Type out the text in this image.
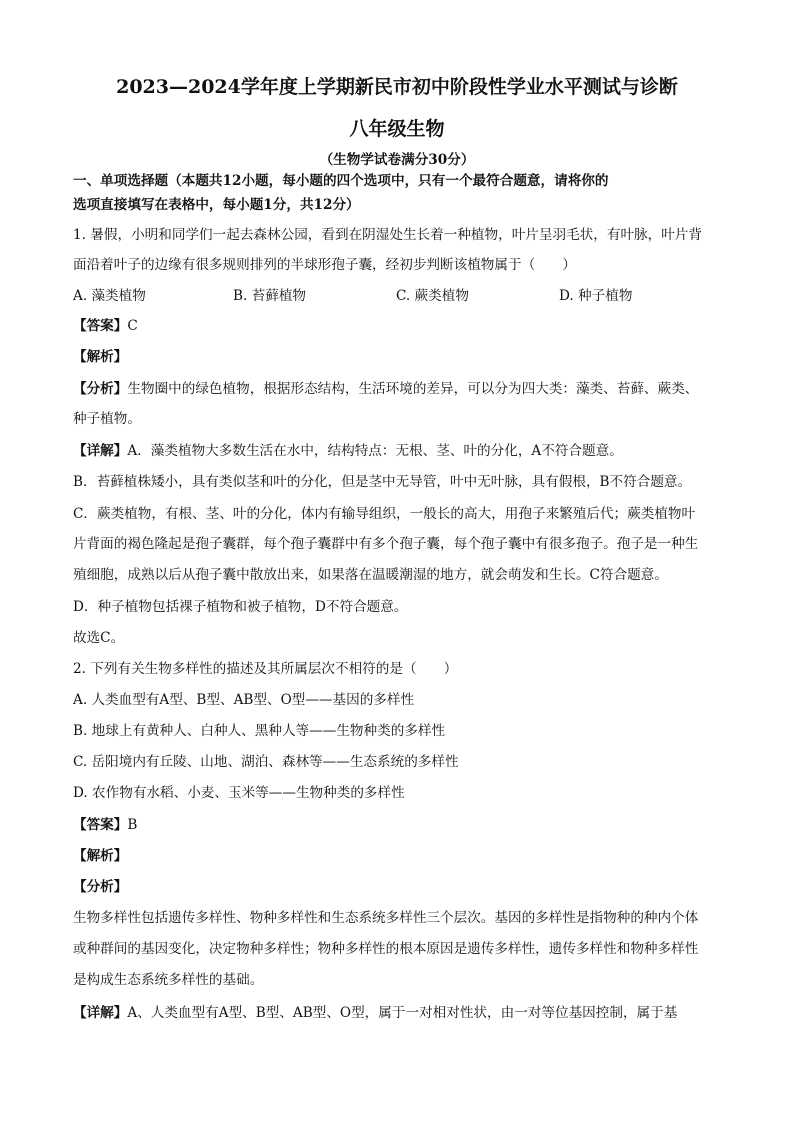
2023—2024学年度上学期新民市初中阶段性学业水平测试与诊断
八年级生物
（生物学试卷满分30分）
一、单项选择题（本题共12小题，每小题的四个选项中，只有一个最符合题意，请将你的
选项直接填写在表格中，每小题1分，共12分）
1. 暑假，小明和同学们一起去森林公园，看到在阴湿处生长着一种植物，叶片呈羽毛状，有叶脉，叶片背
面沿着叶子的边缘有很多规则排列的半球形孢子囊，经初步判断该植物属于（　　）
A. 藻类植物	B. 苔藓植物	C. 蕨类植物	D. 种子植物
【答案】C
【解析】
【分析】生物圈中的绿色植物，根据形态结构，生活环境的差异，可以分为四大类：藻类、苔藓、蕨类、
种子植物。
【详解】A．藻类植物大多数生活在水中，结构特点：无根、茎、叶的分化，A不符合题意。
B．苔藓植株矮小，具有类似茎和叶的分化，但是茎中无导管，叶中无叶脉，具有假根，B不符合题意。
C．蕨类植物，有根、茎、叶的分化，体内有输导组织，一般长的高大，用孢子来繁殖后代；蕨类植物叶
片背面的褐色隆起是孢子囊群，每个孢子囊群中有多个孢子囊，每个孢子囊中有很多孢子。孢子是一种生
殖细胞，成熟以后从孢子囊中散放出来，如果落在温暖潮湿的地方，就会萌发和生长。C符合题意。
D．种子植物包括裸子植物和被子植物，D不符合题意。
故选C。
2. 下列有关生物多样性的描述及其所属层次不相符的是（　　）
A. 人类血型有A型、B型、AB型、O型——基因的多样性
B. 地球上有黄种人、白种人、黑种人等——生物种类的多样性
C. 岳阳境内有丘陵、山地、湖泊、森林等——生态系统的多样性
D. 农作物有水稻、小麦、玉米等——生物种类的多样性
【答案】B
【解析】
【分析】
生物多样性包括遗传多样性、物种多样性和生态系统多样性三个层次。基因的多样性是指物种的种内个体
或种群间的基因变化，决定物种多样性；物种多样性的根本原因是遗传多样性，遗传多样性和物种多样性
是构成生态系统多样性的基础。
【详解】A、人类血型有A型、B型、AB型、O型，属于一对相对性状，由一对等位基因控制，属于基
